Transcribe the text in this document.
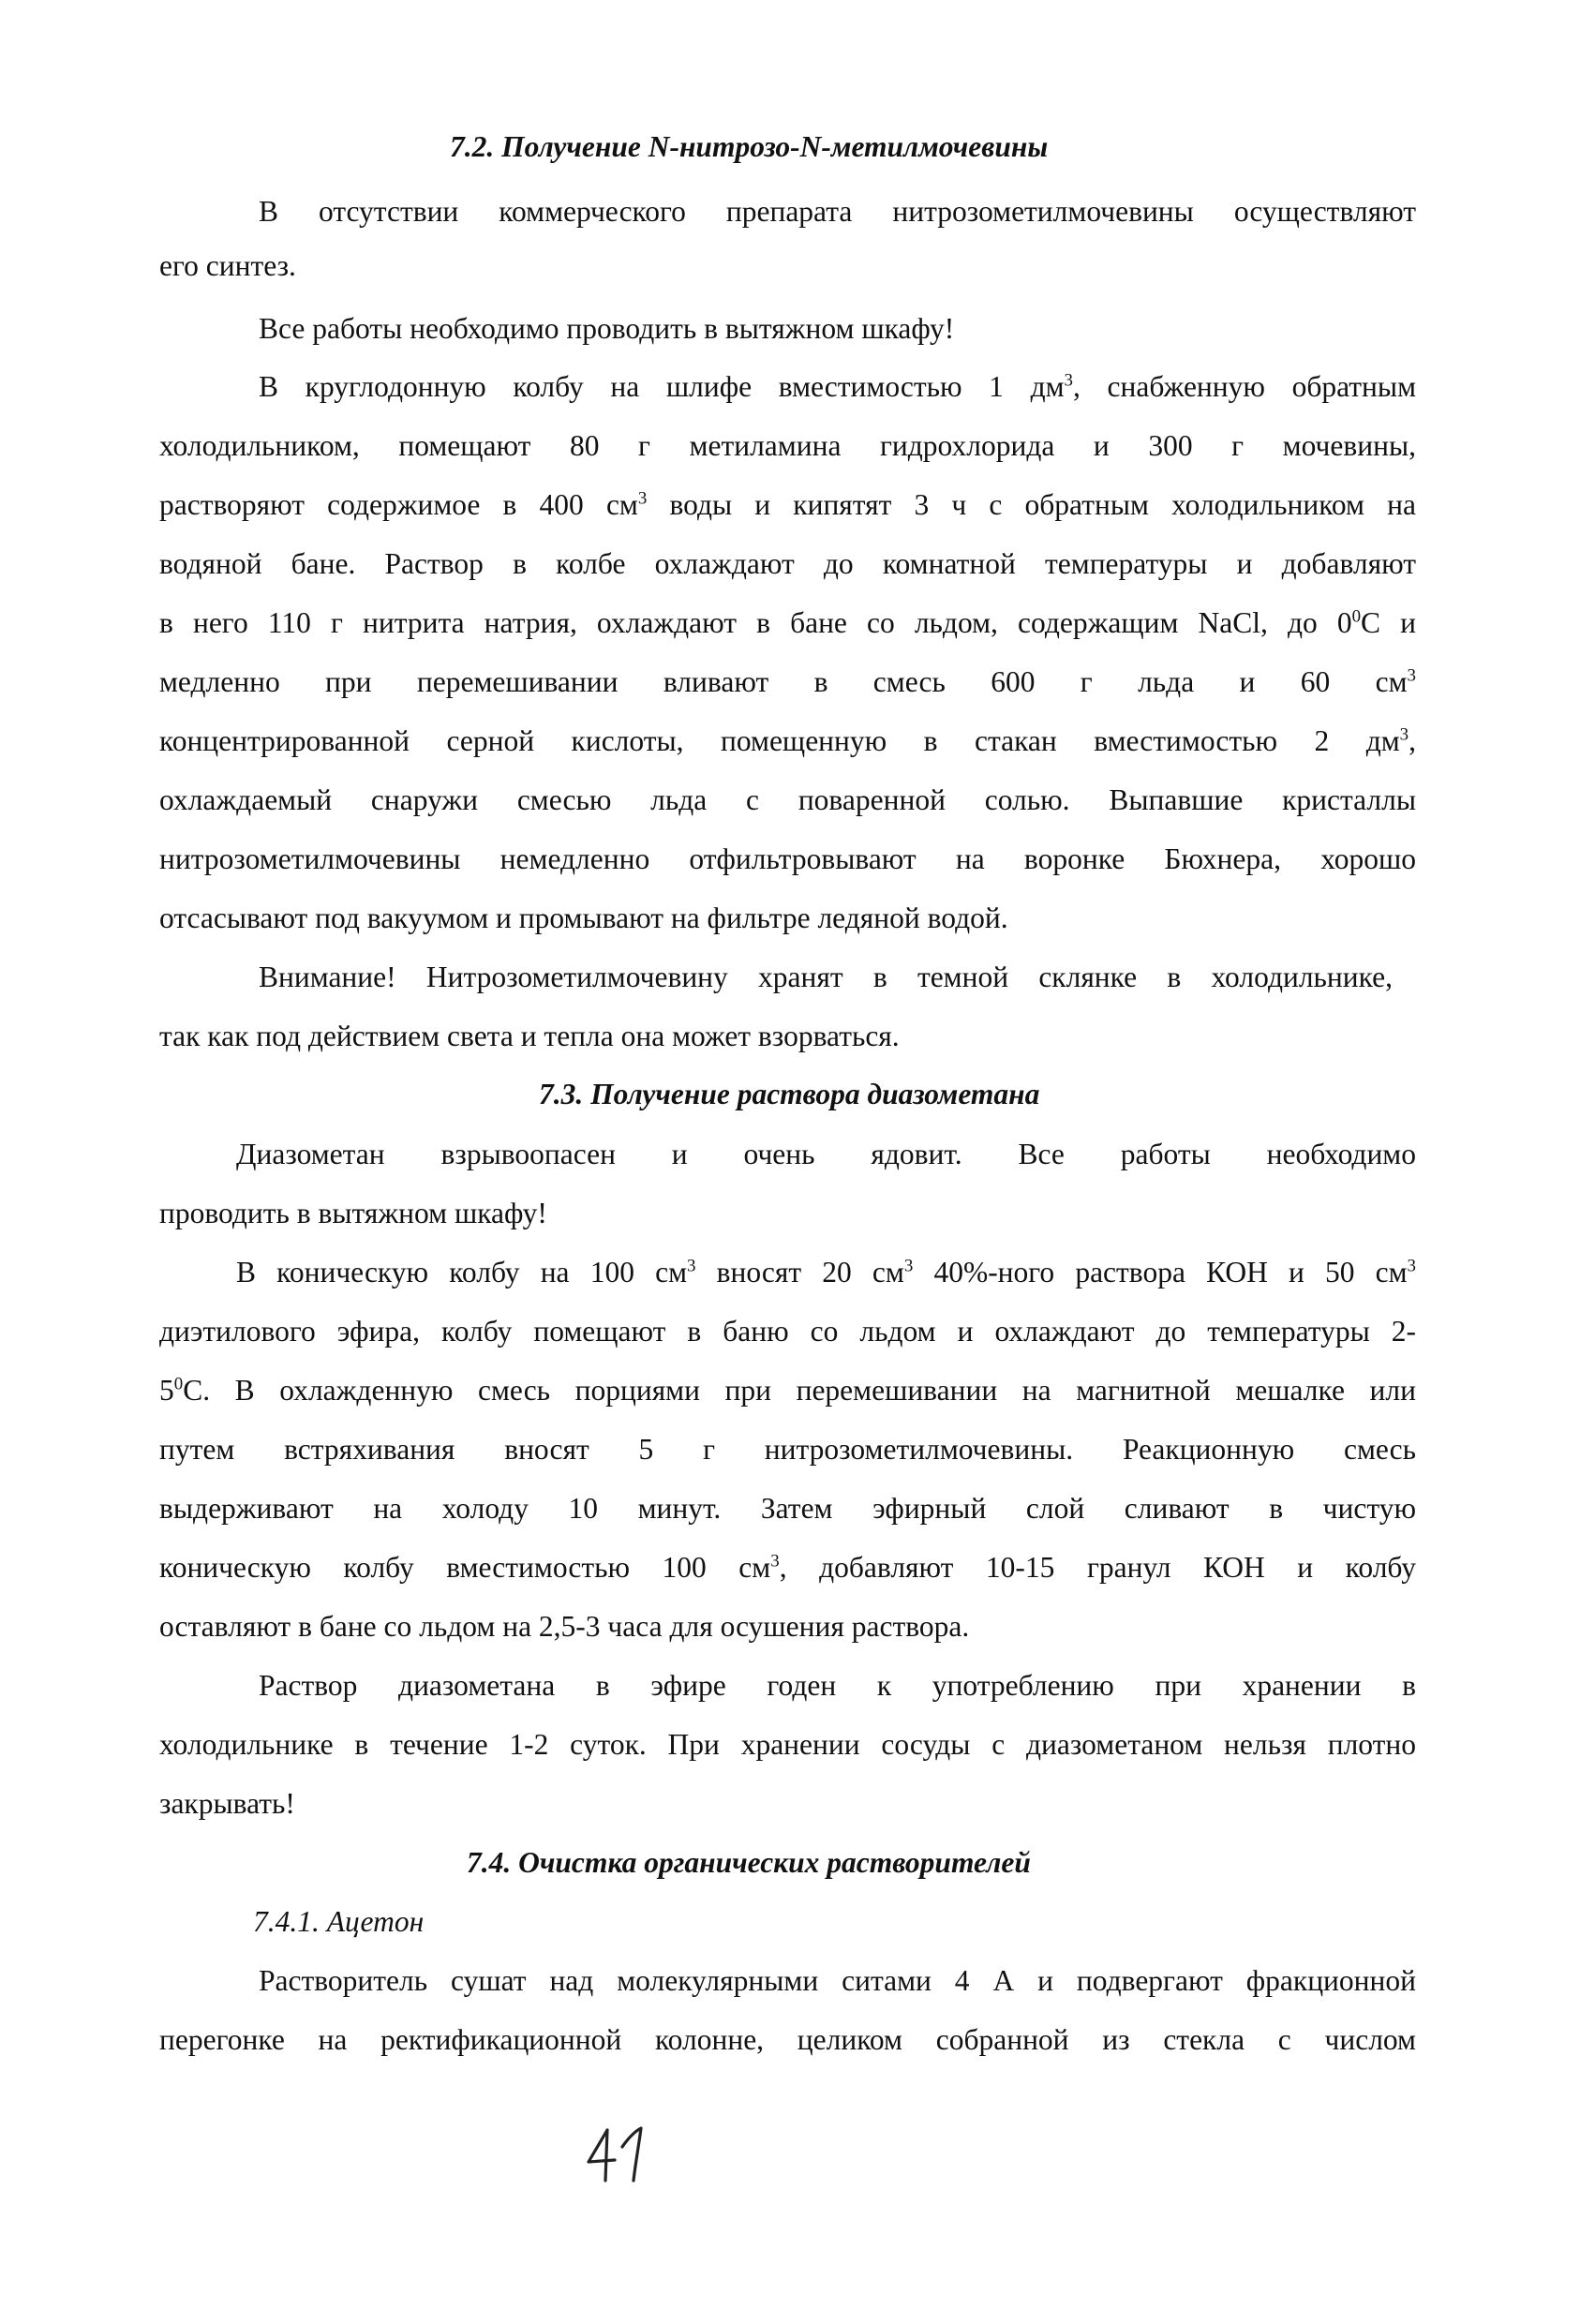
7.2. Получение N-нитрозо-N-метилмочевины
В отсутствии коммерческого препарата нитрозометилмочевины осуществляют
его синтез.
Все работы необходимо проводить в вытяжном шкафу!
В круглодонную колбу на шлифе вместимостью 1 $дм^3$, снабженную обратным
холодильником, помещают 80 г метиламина гидрохлорида и 300 г мочевины,
растворяют содержимое в 400 $см^3$ воды и кипятят 3 ч с обратным холодильником на
водяной бане. Раствор в колбе охлаждают до комнатной температуры и добавляют
в него 110 г нитрита натрия, охлаждают в бане со льдом, содержащим NaCl, до $0^0С$ и
медленно при перемешивании вливают в смесь 600 г льда и 60 $см^3$
концентрированной серной кислоты, помещенную в стакан вместимостью 2 $дм^3$,
охлаждаемый снаружи смесью льда с поваренной солью. Выпавшие кристаллы
нитрозометилмочевины немедленно отфильтровывают на воронке Бюхнера, хорошо
отсасывают под вакуумом и промывают на фильтре ледяной водой.
Внимание! Нитрозометилмочевину хранят в темной склянке в холодильнике,
так как под действием света и тепла она может взорваться.
7.3. Получение раствора диазометана
Диазометан взрывоопасен и очень ядовит. Все работы необходимо
проводить в вытяжном шкафу!
В коническую колбу на 100 $см^3$ вносят 20 $см^3$ 40%-ного раствора КОН и 50 $см^3$
диэтилового эфира, колбу помещают в баню со льдом и охлаждают до температуры 2-
$5^0С$. В охлажденную смесь порциями при перемешивании на магнитной мешалке или
путем встряхивания вносят 5 г нитрозометилмочевины. Реакционную смесь
выдерживают на холоду 10 минут. Затем эфирный слой сливают в чистую
коническую колбу вместимостью 100 $см^3$, добавляют 10-15 гранул КОН и колбу
оставляют в бане со льдом на 2,5-3 часа для осушения раствора.
Раствор диазометана в эфире годен к употреблению при хранении в
холодильнике в течение 1-2 суток. При хранении сосуды с диазометаном нельзя плотно
закрывать!
7.4. Очистка органических растворителей
7.4.1. Ацетон
Растворитель сушат над молекулярными ситами 4 А и подвергают фракционной
перегонке на ректификационной колонне, целиком собранной из стекла с числом
